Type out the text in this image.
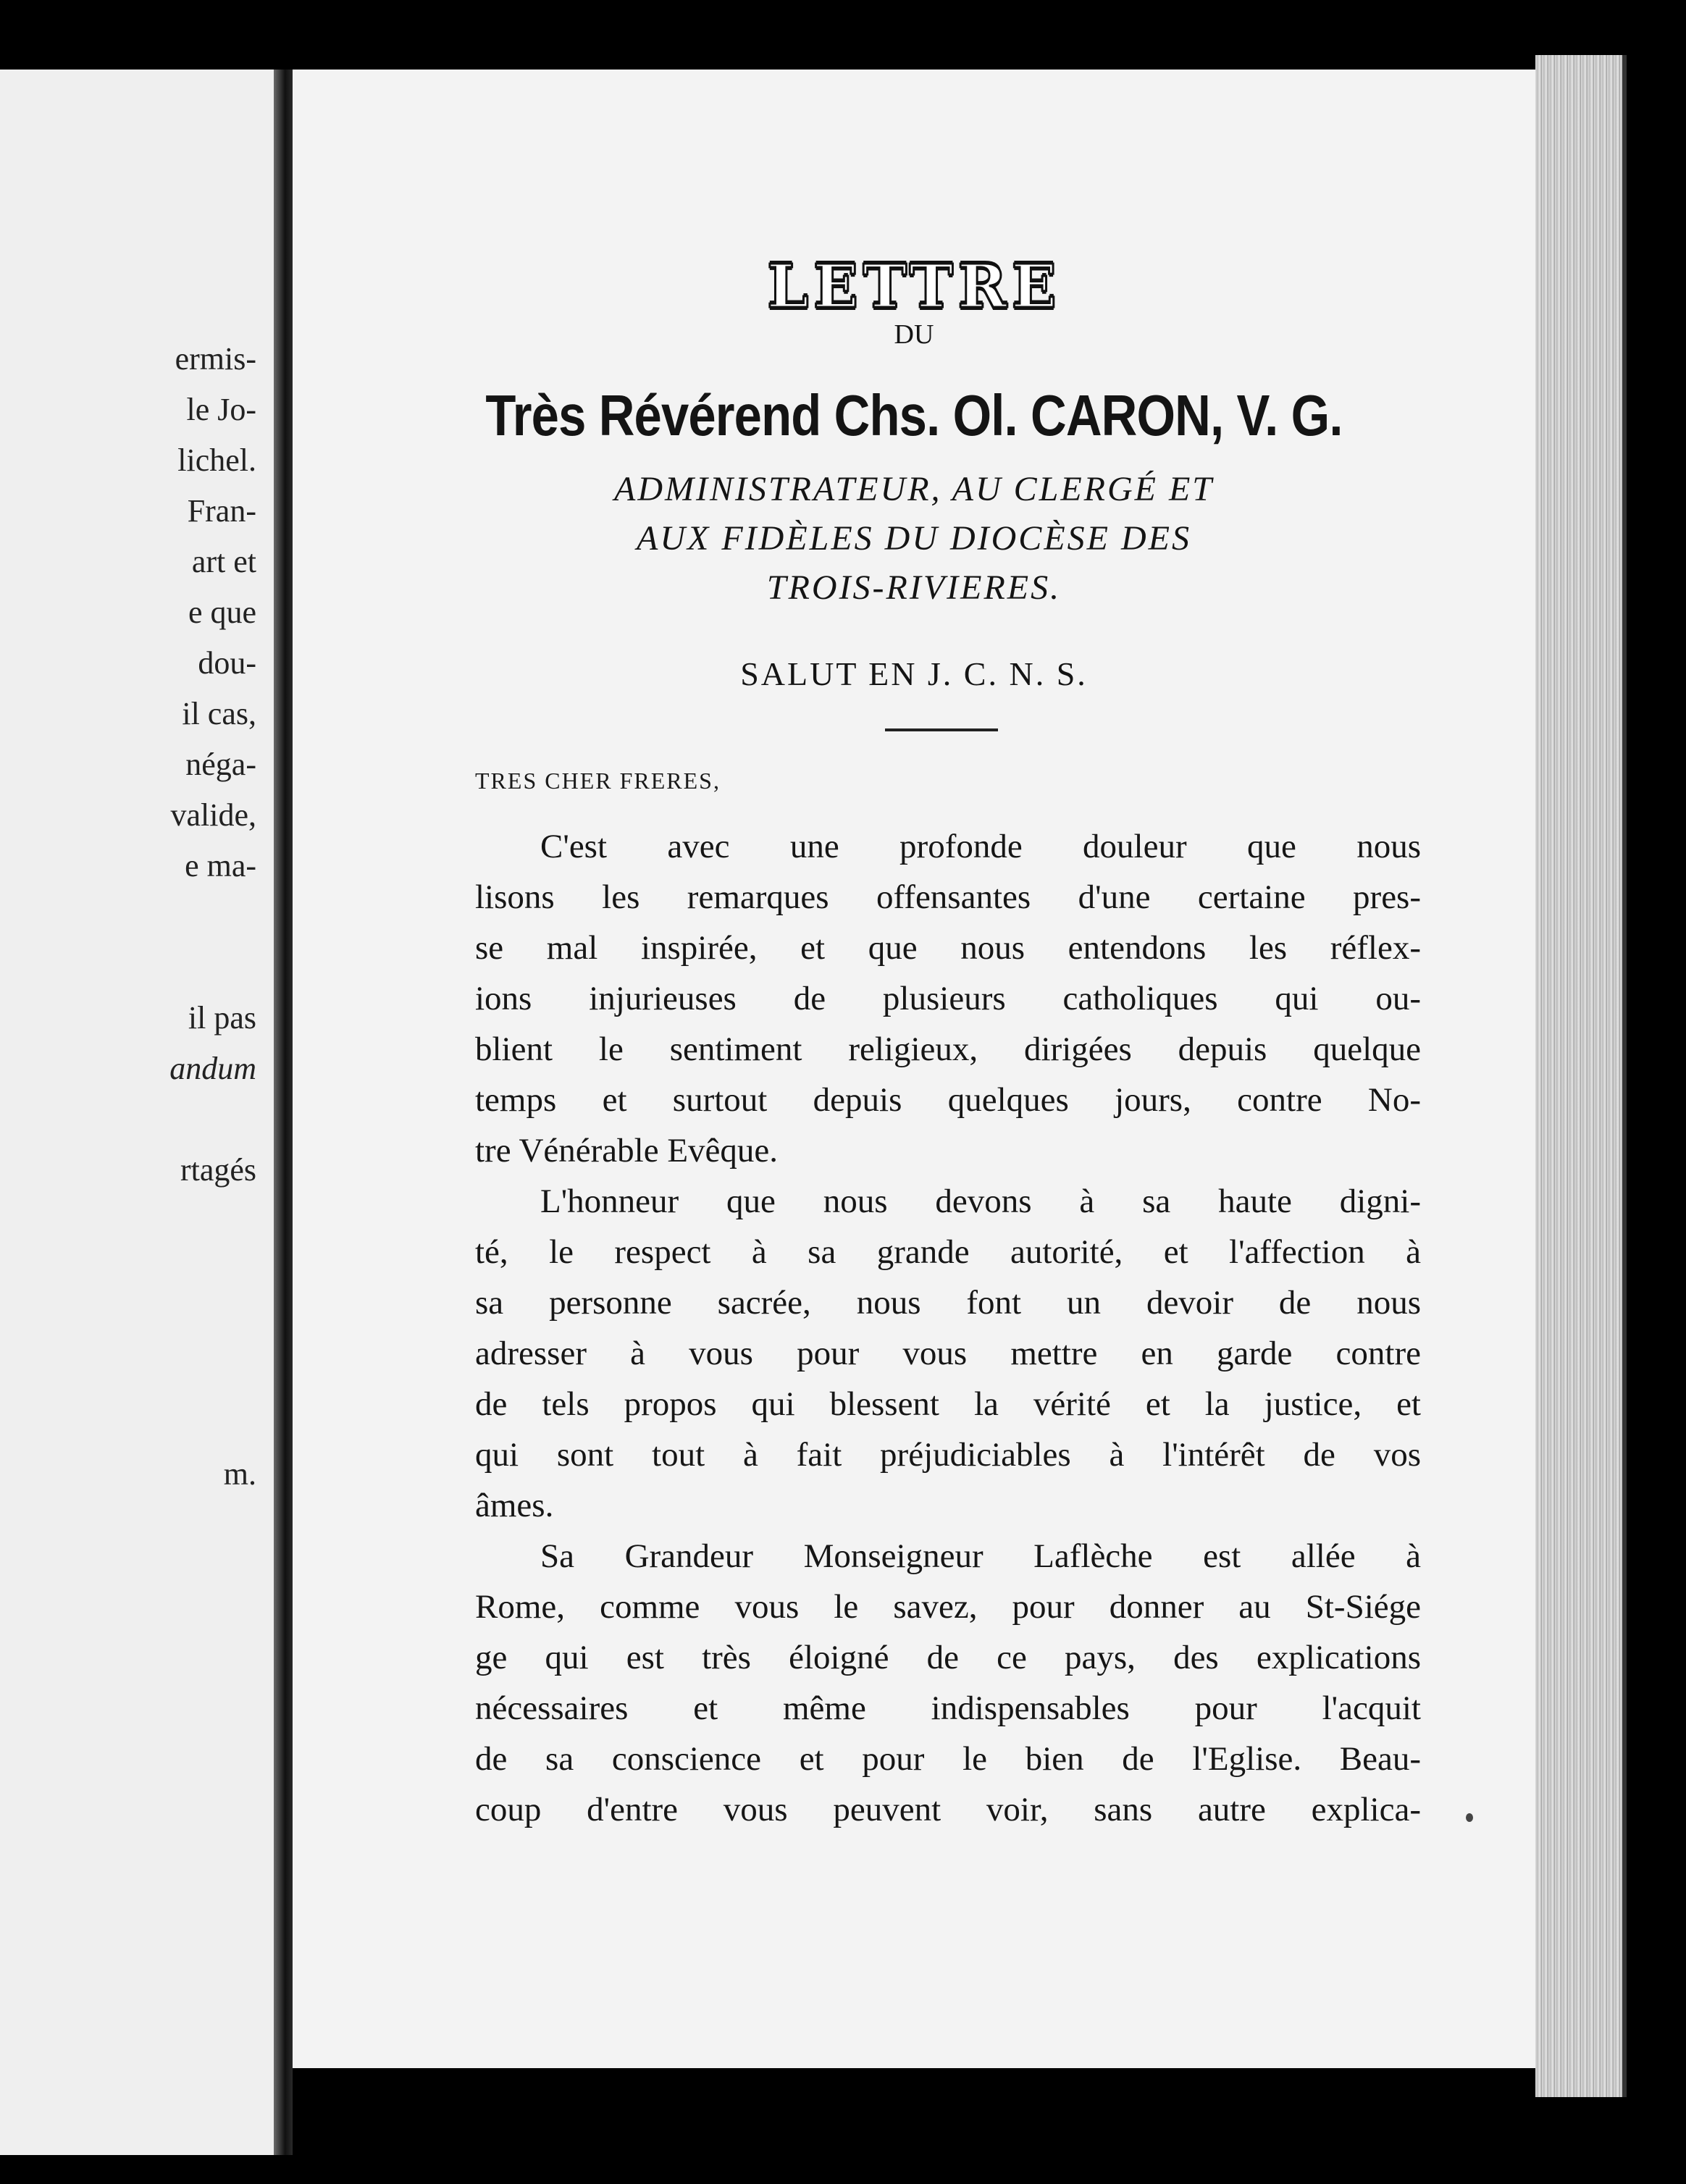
ermis-
le Jo-
lichel.
Fran-
art et
e que
dou-
il cas,
néga-
valide,
e ma-
il pas
andum
rtagés
m.
LETTRE
DU
Très Révérend Chs. Ol. CARON, V. G.
ADMINISTRATEUR, AU CLERGÉ ET
AUX FIDÈLES DU DIOCÈSE DES
TROIS-RIVIERES.
SALUT EN J. C. N. S.
TRES CHER FRERES,
C'est avec une profonde douleur que nous
lisons les remarques offensantes d'une certaine pres-
se mal inspirée, et que nous entendons les réflex-
ions injurieuses de plusieurs catholiques qui ou-
blient le sentiment religieux, dirigées depuis quelque
temps et surtout depuis quelques jours, contre No-
tre Vénérable Evêque.
L'honneur que nous devons à sa haute digni-
té, le respect à sa grande autorité, et l'affection à
sa personne sacrée, nous font un devoir de nous
adresser à vous pour vous mettre en garde contre
de tels propos qui blessent la vérité et la justice, et
qui sont tout à fait préjudiciables à l'intérêt de vos
âmes.
Sa Grandeur Monseigneur Laflèche est allée à
Rome, comme vous le savez, pour donner au St-Siége
ge qui est très éloigné de ce pays, des explications
nécessaires et même indispensables pour l'acquit
de sa conscience et pour le bien de l'Eglise. Beau-
coup d'entre vous peuvent voir, sans autre explica-
